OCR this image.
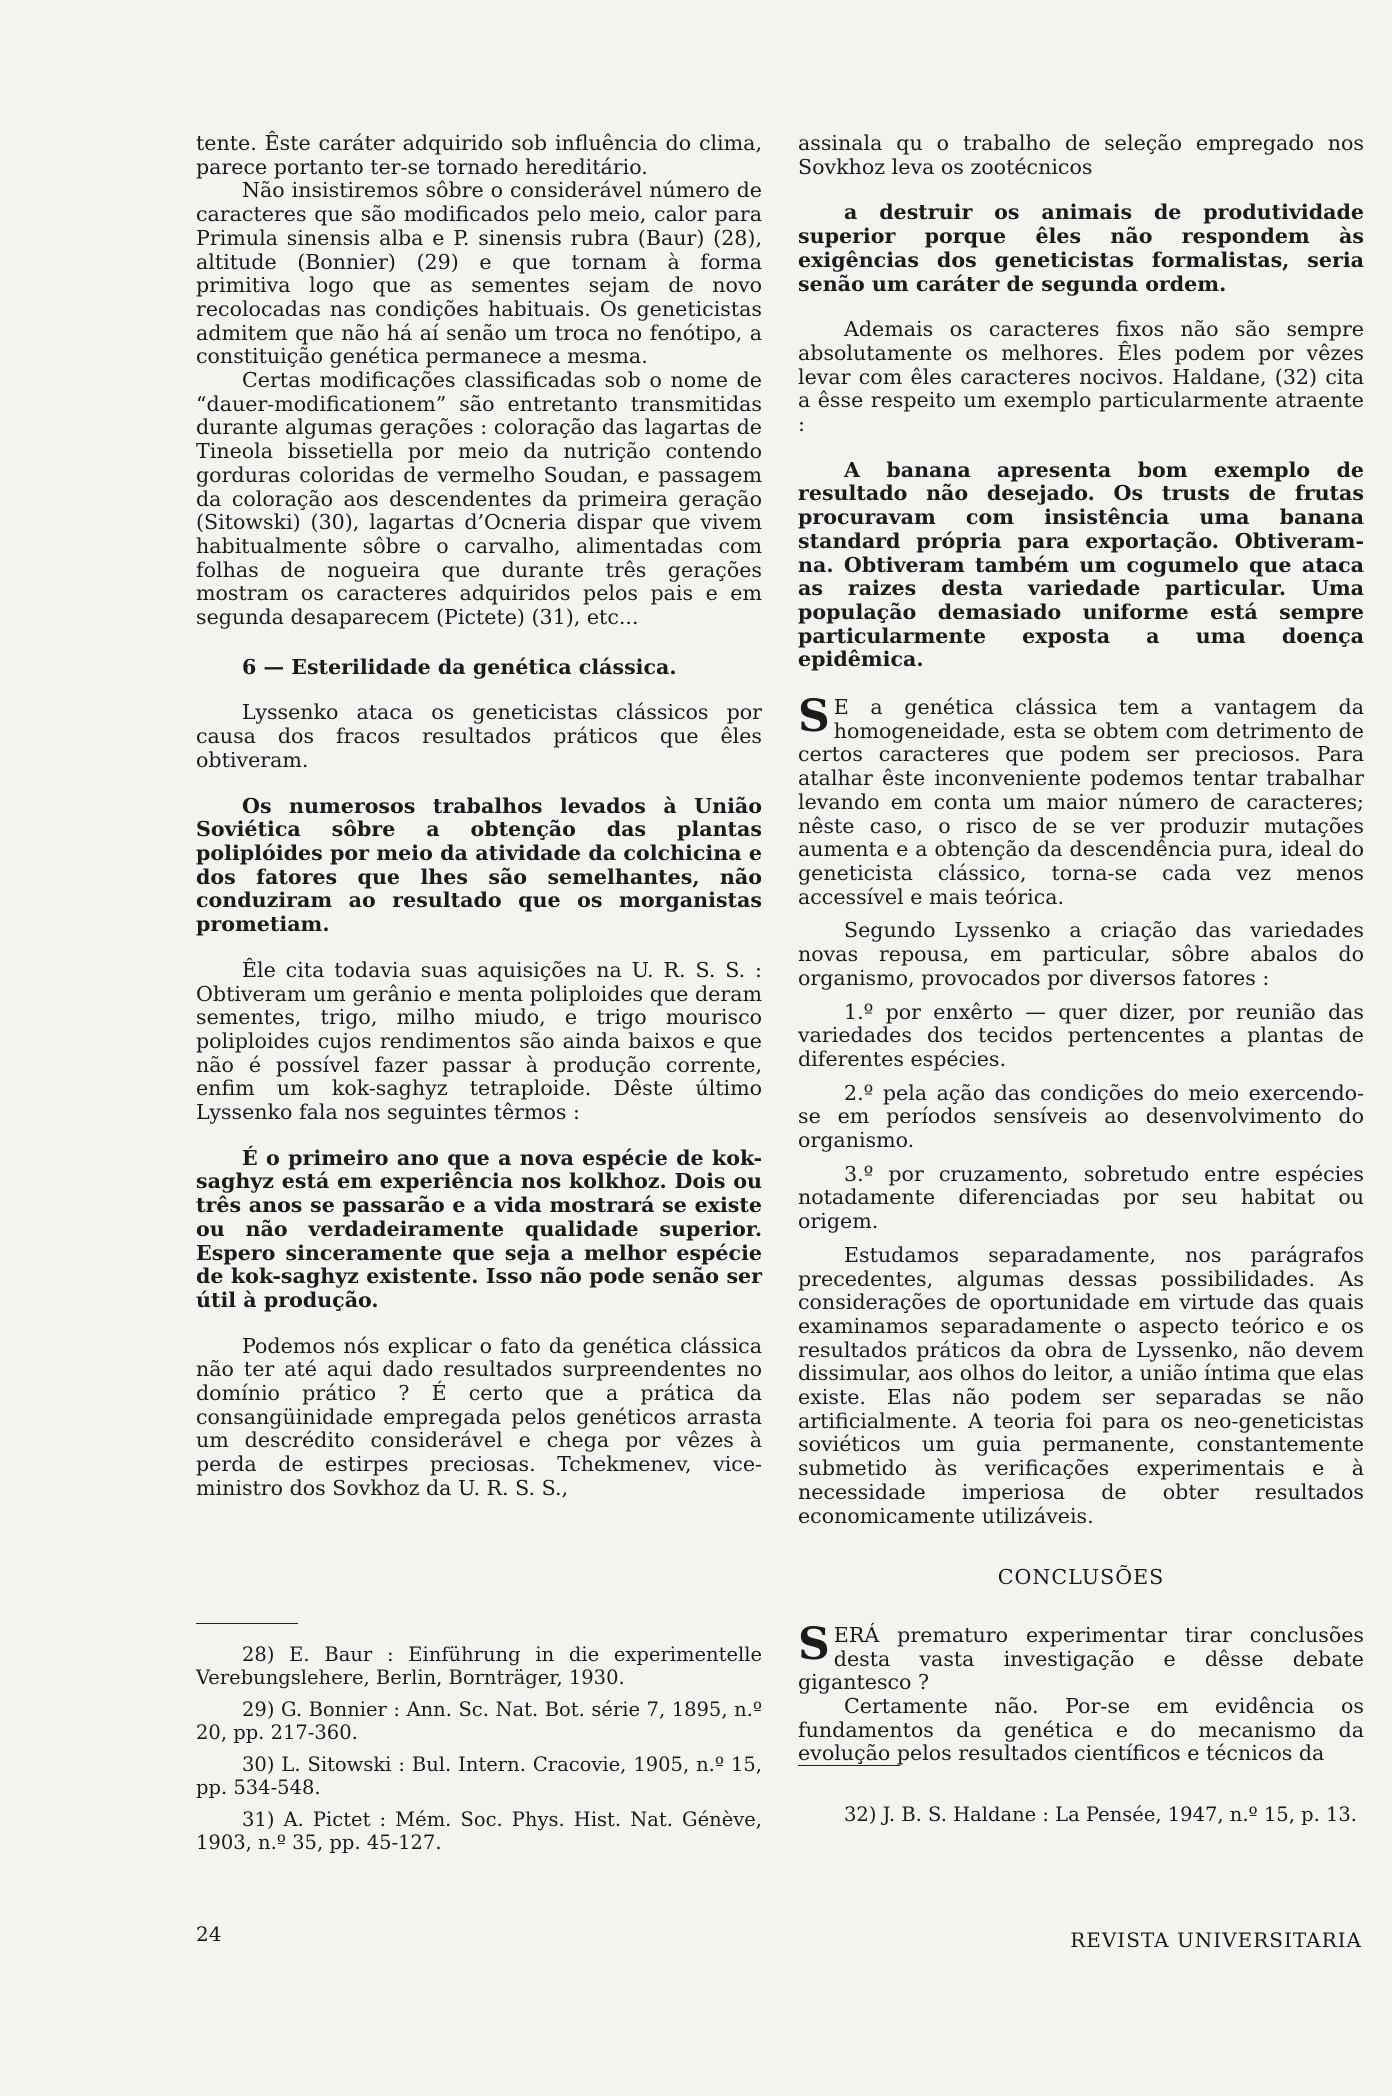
tente. Êste caráter adquirido sob influência do clima, parece portanto ter-se tornado hereditário.

Não insistiremos sôbre o considerável número de caracteres que são modificados pelo meio, calor para Primula sinensis alba e P. sinensis rubra (Baur) (28), altitude (Bonnier) (29) e que tornam à forma primitiva logo que as sementes sejam de novo recolocadas nas condições habituais. Os geneticistas admitem que não há aí senão um troca no fenótipo, a constituição genética permanece a mesma.

Certas modificações classificadas sob o nome de “dauer-modificationem” são entretanto transmitidas durante algumas gerações : coloração das lagartas de Tineola bissetiella por meio da nutrição contendo gorduras coloridas de vermelho Soudan, e passagem da coloração aos descendentes da primeira geração (Sitowski) (30), lagartas d’Ocneria dispar que vivem habitualmente sôbre o carvalho, alimentadas com folhas de nogueira que durante três gerações mostram os caracteres adquiridos pelos pais e em segunda desaparecem (Pictete) (31), etc...

6 — Esterilidade da genética clássica.

Lyssenko ataca os geneticistas clássicos por causa dos fracos resultados práticos que êles obtiveram.

Os numerosos trabalhos levados à União Soviética sôbre a obtenção das plantas poliplóides por meio da atividade da colchicina e dos fatores que lhes são semelhantes, não conduziram ao resultado que os morganistas prometiam.

Êle cita todavia suas aquisições na U. R. S. S. : Obtiveram um gerânio e menta poliploides que deram sementes, trigo, milho miudo, e trigo mourisco poliploides cujos rendimentos são ainda baixos e que não é possível fazer passar à produção corrente, enfim um kok-saghyz tetraploide. Dêste último Lyssenko fala nos seguintes têrmos :

É o primeiro ano que a nova espécie de kok-saghyz está em experiência nos kolkhoz. Dois ou três anos se passarão e a vida mostrará se existe ou não verdadeiramente qualidade superior. Espero sinceramente que seja a melhor espécie de kok-saghyz existente. Isso não pode senão ser útil à produção.

Podemos nós explicar o fato da genética clássica não ter até aqui dado resultados surpreendentes no domínio prático ? É certo que a prática da consangüinidade empregada pelos genéticos arrasta um descrédito considerável e chega por vêzes à perda de estirpes preciosas. Tchekmenev, vice-ministro dos Sovkhoz da U. R. S. S.,

28) E. Baur : Einführung in die experimentelle Verebungslehere, Berlin, Bornträger, 1930.

29) G. Bonnier : Ann. Sc. Nat. Bot. série 7, 1895, n.º 20, pp. 217-360.

30) L. Sitowski : Bul. Intern. Cracovie, 1905, n.º 15, pp. 534-548.

31) A. Pictet : Mém. Soc. Phys. Hist. Nat. Génève, 1903, n.º 35, pp. 45-127.

assinala qu o trabalho de seleção empregado nos Sovkhoz leva os zootécnicos

a destruir os animais de produtividade superior porque êles não respondem às exigências dos geneticistas formalistas, seria senão um caráter de segunda ordem.

Ademais os caracteres fixos não são sempre absolutamente os melhores. Êles podem por vêzes levar com êles caracteres nocivos. Haldane, (32) cita a êsse respeito um exemplo particularmente atraente :

A banana apresenta bom exemplo de resultado não desejado. Os trusts de frutas procuravam com insistência uma banana standard própria para exportação. Obtiveram-na. Obtiveram também um cogumelo que ataca as raizes desta variedade particular. Uma população demasiado uniforme está sempre particularmente exposta a uma doença epidêmica.

S E a genética clássica tem a vantagem da homogeneidade, esta se obtem com detrimento de certos caracteres que podem ser preciosos. Para atalhar êste inconveniente podemos tentar trabalhar levando em conta um maior número de caracteres; nêste caso, o risco de se ver produzir mutações aumenta e a obtenção da descendência pura, ideal do geneticista clássico, torna-se cada vez menos accessível e mais teórica.

Segundo Lyssenko a criação das variedades novas repousa, em particular, sôbre abalos do organismo, provocados por diversos fatores :

1.º por enxêrto — quer dizer, por reunião das variedades dos tecidos pertencentes a plantas de diferentes espécies.

2.º pela ação das condições do meio exercendo-se em períodos sensíveis ao desenvolvimento do organismo.

3.º por cruzamento, sobretudo entre espécies notadamente diferenciadas por seu habitat ou origem.

Estudamos separadamente, nos parágrafos precedentes, algumas dessas possibilidades. As considerações de oportunidade em virtude das quais examinamos separadamente o aspecto teórico e os resultados práticos da obra de Lyssenko, não devem dissimular, aos olhos do leitor, a união íntima que elas existe. Elas não podem ser separadas se não artificialmente. A teoria foi para os neo-geneticistas soviéticos um guia permanente, constantemente submetido às verificações experimentais e à necessidade imperiosa de obter resultados economicamente utilizáveis.

CONCLUSÕES

SERÁ prematuro experimentar tirar conclusões desta vasta investigação e dêsse debate gigantesco ?

Certamente não. Por-se em evidência os fundamentos da genética e do mecanismo da evolução pelos resultados científicos e técnicos da

32) J. B. S. Haldane : La Pensée, 1947, n.º 15, p. 13.

24	REVISTA UNIVERSITARIA
